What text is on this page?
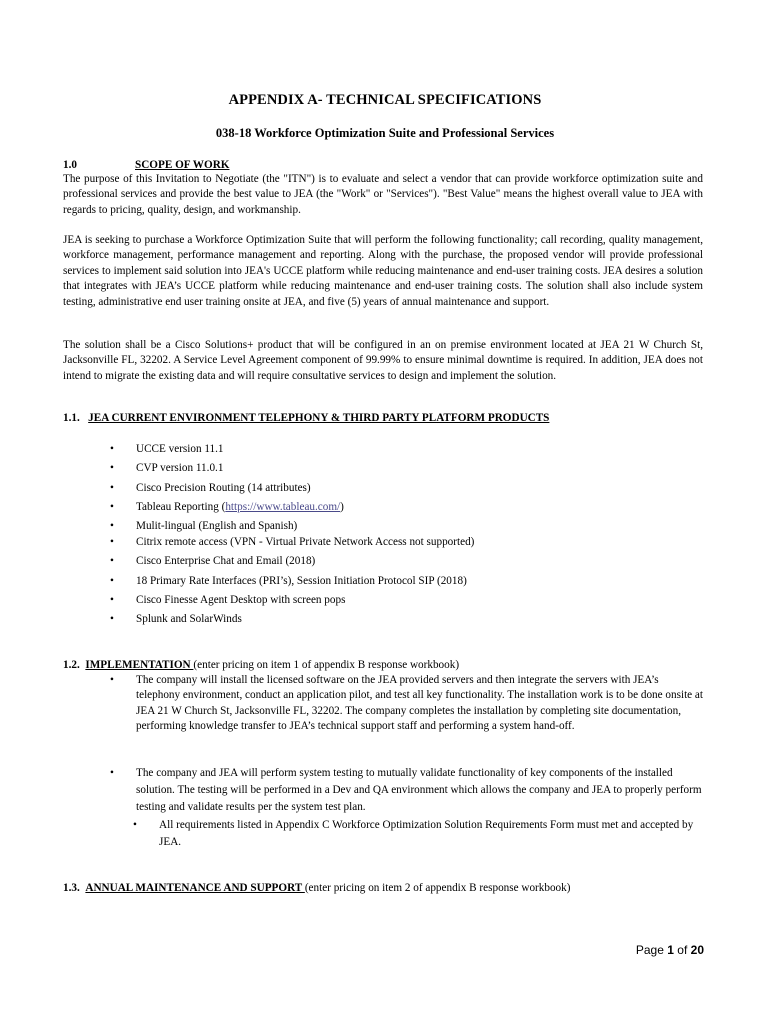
APPENDIX A- TECHNICAL SPECIFICATIONS
038-18 Workforce Optimization Suite and Professional Services
1.0	SCOPE OF WORK
The purpose of this Invitation to Negotiate (the "ITN") is to evaluate and select a vendor that can provide workforce optimization suite and professional services and provide the best value to JEA (the "Work" or "Services"). "Best Value" means the highest overall value to JEA with regards to pricing, quality, design, and workmanship.
JEA is seeking to purchase a Workforce Optimization Suite that will perform the following functionality; call recording, quality management, workforce management, performance management and reporting. Along with the purchase, the proposed vendor will provide professional services to implement said solution into JEA's UCCE platform while reducing maintenance and end-user training costs. JEA desires a solution that integrates with JEA’s UCCE platform while reducing maintenance and end-user training costs. The solution shall also include system testing, administrative end user training onsite at JEA, and five (5) years of annual maintenance and support.
The solution shall be a Cisco Solutions+ product that will be configured in an on premise environment located at JEA 21 W Church St, Jacksonville FL, 32202. A Service Level Agreement component of 99.99% to ensure minimal downtime is required. In addition, JEA does not intend to migrate the existing data and will require consultative services to design and implement the solution.
1.1. JEA CURRENT ENVIRONMENT TELEPHONY & THIRD PARTY PLATFORM PRODUCTS
• UCCE version 11.1
• CVP version 11.0.1
• Cisco Precision Routing (14 attributes)
• Tableau Reporting (https://www.tableau.com/)
• Mulit-lingual (English and Spanish)
• Citrix remote access (VPN - Virtual Private Network Access not supported)
• Cisco Enterprise Chat and Email (2018)
• 18 Primary Rate Interfaces (PRI’s), Session Initiation Protocol SIP (2018)
• Cisco Finesse Agent Desktop with screen pops
• Splunk and SolarWinds
1.2. IMPLEMENTATION (enter pricing on item 1 of appendix B response workbook)
• The company will install the licensed software on the JEA provided servers and then integrate the servers with JEA’s telephony environment, conduct an application pilot, and test all key functionality. The installation work is to be done onsite at JEA 21 W Church St, Jacksonville FL, 32202. The company completes the installation by completing site documentation, performing knowledge transfer to JEA’s technical support staff and performing a system hand-off.
• The company and JEA will perform system testing to mutually validate functionality of key components of the installed solution. The testing will be performed in a Dev and QA environment which allows the company and JEA to properly perform testing and validate results per the system test plan.
• All requirements listed in Appendix C Workforce Optimization Solution Requirements Form must met and accepted by JEA.
1.3. ANNUAL MAINTENANCE AND SUPPORT (enter pricing on item 2 of appendix B response workbook)
Page 1 of 20
